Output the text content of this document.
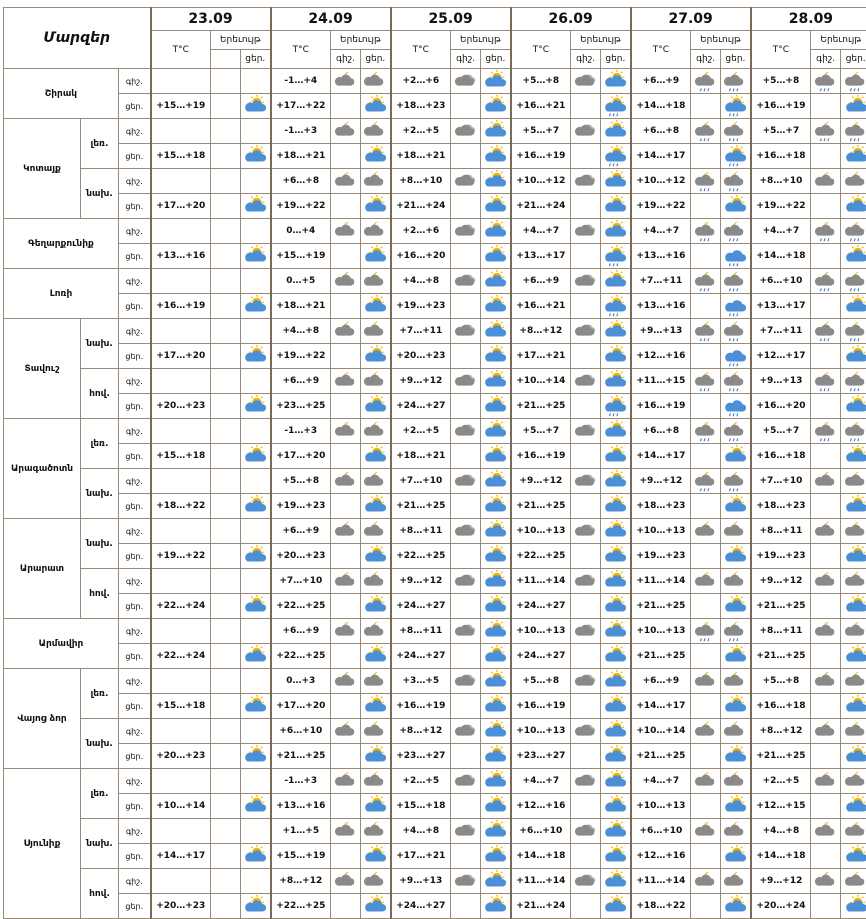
Մարզեր			23.09			24.09			25.09			26.09			27.09			28.09		
			T°C	Երեւույթ		T°C	Երեւույթ		T°C	Երեւույթ		T°C	Երեւույթ		T°C	Երեւույթ		T°C	Երեւույթ	
					ցեր.		գիշ.	ցեր.		գիշ.	ցեր.		գիշ.	ցեր.		գիշ.	ցեր.		գիշ.	ցեր.
Շիրակ		գիշ.				-1…+4			+2…+6			+5…+8			+6…+9			+5…+8	

		ցեր.	+15…+19			+17…+22			+18…+23			+16…+21			+14…+18			+16…+19		

Կոտայք	լեռ.	գիշ.				-1…+3			+2…+5			+5…+7			+6…+8			+5…+7	

		ցեր.	+15…+18			+18…+21			+18…+21			+16…+19			+14…+17			+16…+18		

	նախ.	գիշ.				+6…+8			+8…+10			+10…+12			+10…+12			+8…+10	

		ցեր.	+17…+20			+19…+22			+21…+24			+21…+24			+19…+22			+19…+22		

Գեղարքունիք		գիշ.				0…+4			+2…+6			+4…+7			+4…+7			+4…+7	

		ցեր.	+13…+16			+15…+19			+16…+20			+13…+17			+13…+16			+14…+18		

Լոռի		գիշ.				0…+5			+4…+8			+6…+9			+7…+11			+6…+10	

		ցեր.	+16…+19			+18…+21			+19…+23			+16…+21			+13…+16			+13…+17		

Տավուշ	նախ.	գիշ.				+4…+8			+7…+11			+8…+12			+9…+13			+7…+11	

		ցեր.	+17…+20			+19…+22			+20…+23			+17…+21			+12…+16			+12…+17		

	հով.	գիշ.				+6…+9			+9…+12			+10…+14			+11…+15			+9…+13	

		ցեր.	+20…+23			+23…+25			+24…+27			+21…+25			+16…+19			+16…+20		

Արագածոտն	լեռ.	գիշ.				-1…+3			+2…+5			+5…+7			+6…+8			+5…+7	

		ցեր.	+15…+18			+17…+20			+18…+21			+16…+19			+14…+17			+16…+18		

	նախ.	գիշ.				+5…+8			+7…+10			+9…+12			+9…+12			+7…+10	

		ցեր.	+18…+22			+19…+23			+21…+25			+21…+25			+18…+23			+18…+23		

Արարատ	նախ.	գիշ.				+6…+9			+8…+11			+10…+13			+10…+13			+8…+11	

		ցեր.	+19…+22			+20…+23			+22…+25			+22…+25			+19…+23			+19…+23		

	հով.	գիշ.				+7…+10			+9…+12			+11…+14			+11…+14			+9…+12	

		ցեր.	+22…+24			+22…+25			+24…+27			+24…+27			+21…+25			+21…+25		

Արմավիր		գիշ.				+6…+9			+8…+11			+10…+13			+10…+13			+8…+11	

		ցեր.	+22…+24			+22…+25			+24…+27			+24…+27			+21…+25			+21…+25		

Վայոց ձոր	լեռ.	գիշ.				0…+3			+3…+5			+5…+8			+6…+9			+5…+8	

		ցեր.	+15…+18			+17…+20			+16…+19			+16…+19			+14…+17			+16…+18		

	նախ.	գիշ.				+6…+10			+8…+12			+10…+13			+10…+14			+8…+12	

		ցեր.	+20…+23			+21…+25			+23…+27			+23…+27			+21…+25			+21…+25		

Սյունիք	լեռ.	գիշ.				-1…+3			+2…+5			+4…+7			+4…+7			+2…+5	

		ցեր.	+10…+14			+13…+16			+15…+18			+12…+16			+10…+13			+12…+15		

	նախ.	գիշ.				+1…+5			+4…+8			+6…+10			+6…+10			+4…+8	

		ցեր.	+14…+17			+15…+19			+17…+21			+14…+18			+12…+16			+14…+18		

	հով.	գիշ.				+8…+12			+9…+13			+11…+14			+11…+14			+9…+12	

		ցեր.	+20…+23			+22…+25			+24…+27			+21…+24			+18…+22			+20…+24		
